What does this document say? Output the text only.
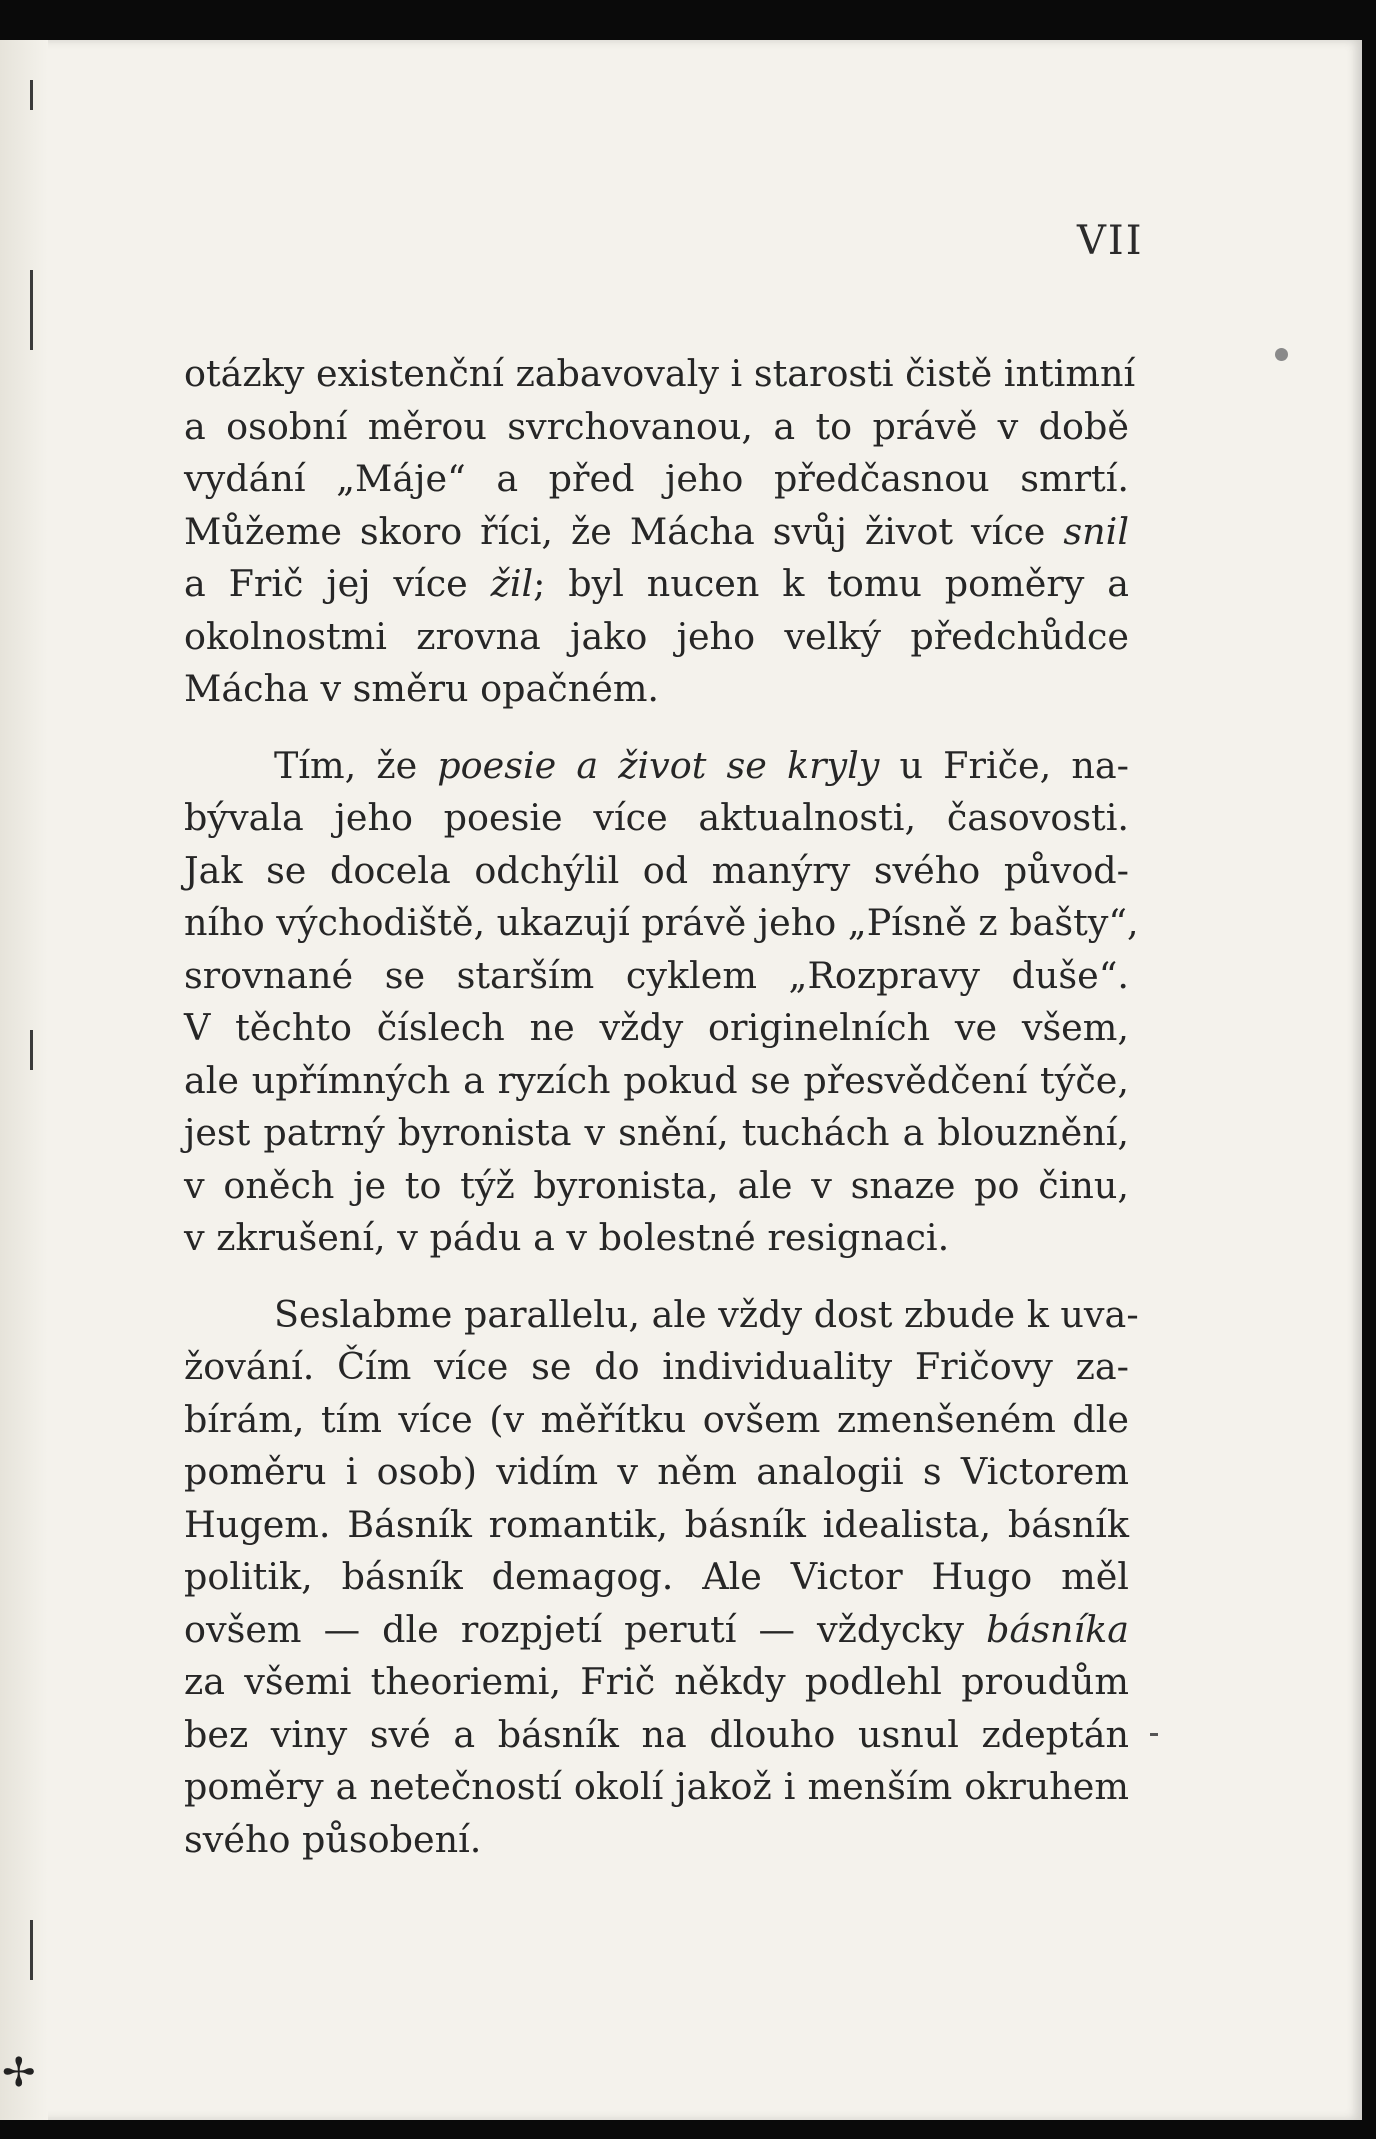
VII
✢
otázky existenční zabavovaly i starosti čistě intimní
a osobní měrou svrchovanou, a to právě v době
vydání „Máje“ a před jeho předčasnou smrtí.
Můžeme skoro říci, že Mácha svůj život více snil
a Frič jej více žil; byl nucen k tomu poměry a
okolnostmi zrovna jako jeho velký předchůdce
Mácha v směru opačném.
Tím, že poesie a život se kryly u Friče, na-
bývala jeho poesie více aktualnosti, časovosti.
Jak se docela odchýlil od manýry svého původ-
ního východiště, ukazují právě jeho „Písně z bašty“,
srovnané se starším cyklem „Rozpravy duše“.
V těchto číslech ne vždy originelních ve všem,
ale upřímných a ryzích pokud se přesvědčení týče,
jest patrný byronista v snění, tuchách a blouznění,
v oněch je to týž byronista, ale v snaze po činu,
v zkrušení, v pádu a v bolestné resignaci.
Seslabme parallelu, ale vždy dost zbude k uva-
žování. Čím více se do individuality Fričovy za-
bírám, tím více (v měřítku ovšem zmenšeném dle
poměru i osob) vidím v něm analogii s Victorem
Hugem. Básník romantik, básník idealista, básník
politik, básník demagog. Ale Victor Hugo měl
ovšem — dle rozpjetí perutí — vždycky básníka
za všemi theoriemi, Frič někdy podlehl proudům
bez viny své a básník na dlouho usnul zdeptán
poměry a netečností okolí jakož i menším okruhem
svého působení.
